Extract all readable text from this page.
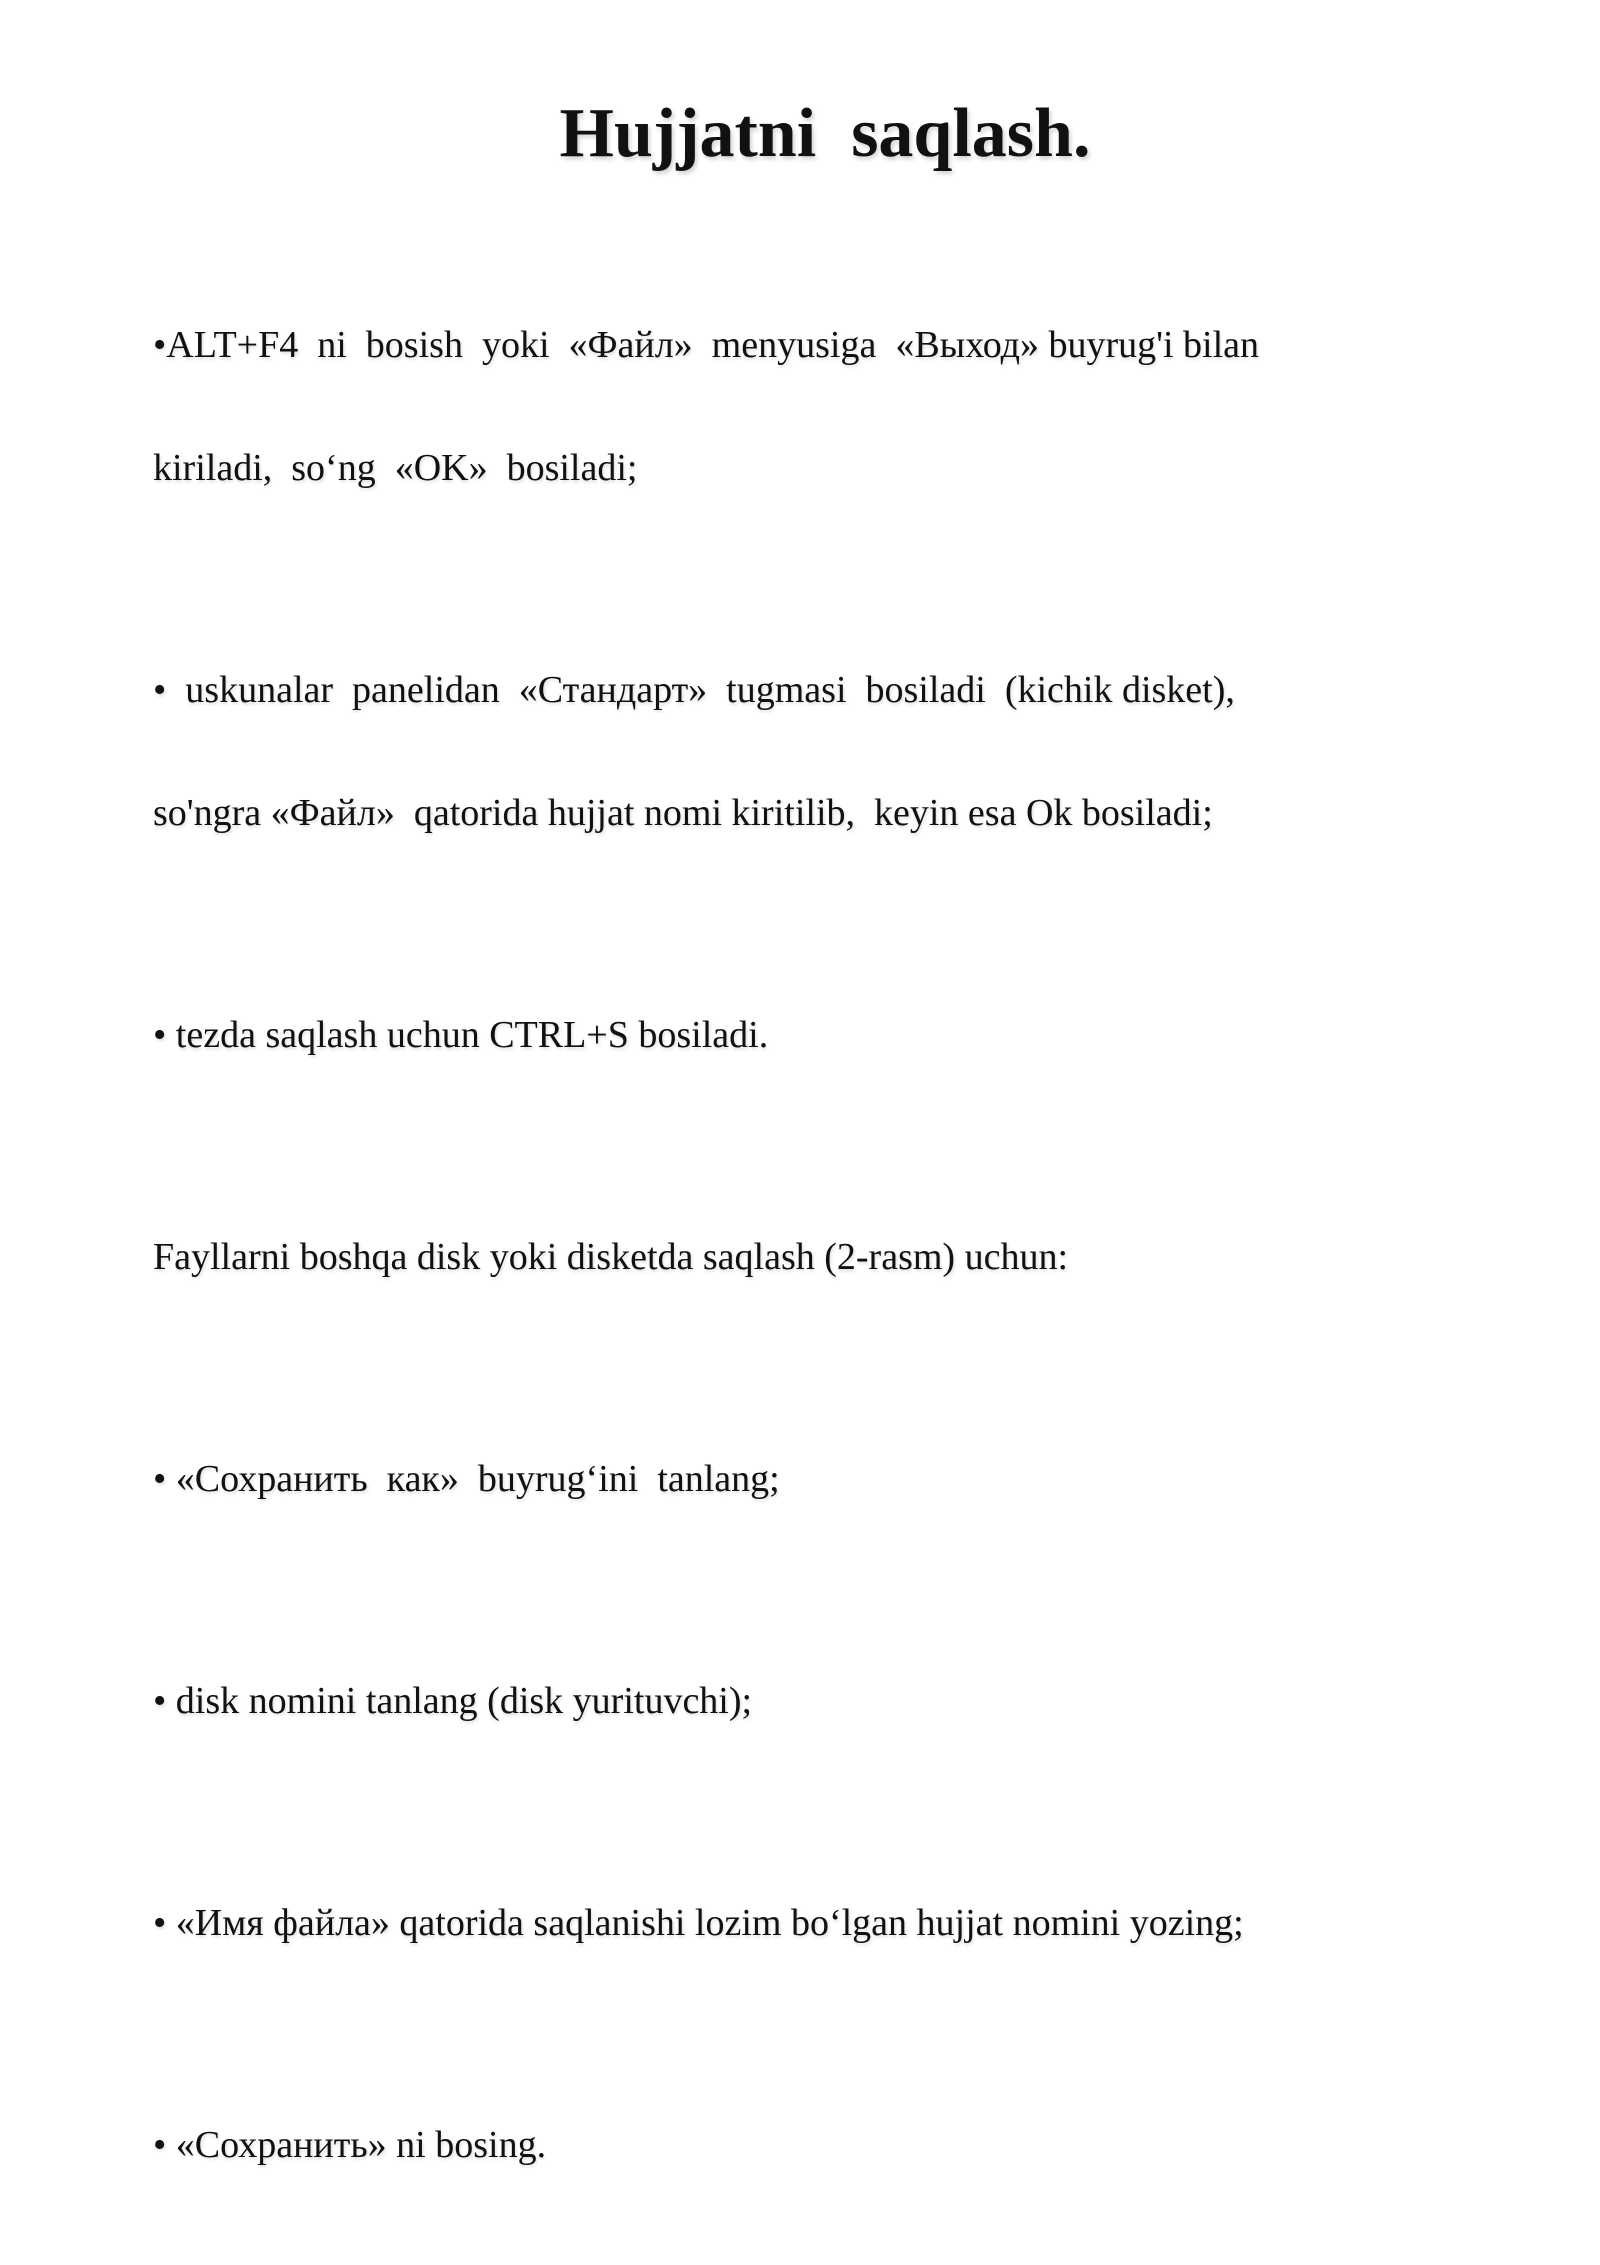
Hujjatni  saqlash.

•ALT+F4  ni  bosish  yoki  «Файл»  menyusiga  «Выход» buyrug'i bilan

kiriladi,  so‘ng  «OK»  bosiladi;

•  uskunalar  panelidan  «Стандарт»  tugmasi  bosiladi  (kichik disket),

so'ngra «Файл»  qatorida hujjat nomi kiritilib,  keyin esa Ok bosiladi;

• tezda saqlash uchun CTRL+S bosiladi.

Fayllarni boshqa disk yoki disketda saqlash (2-rasm) uchun:

• «Сохранить  как»  buyrug‘ini  tanlang;

• disk nomini tanlang (disk yurituvchi);

• «Имя файла» qatorida saqlanishi lozim bo‘lgan hujjat nomini yozing;

• «Сохранить» ni bosing.
